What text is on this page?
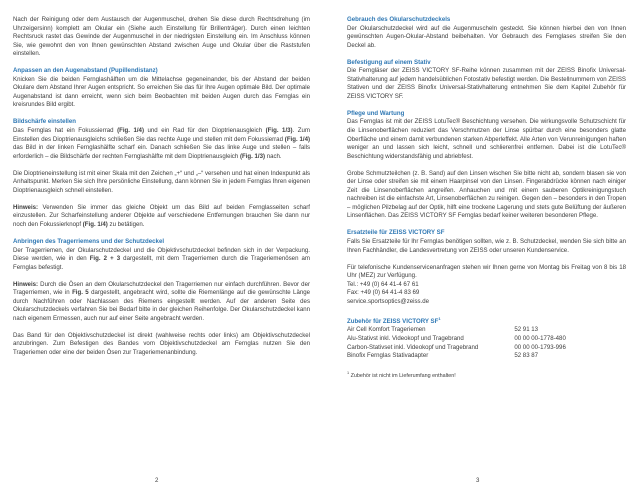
Nach der Reinigung oder dem Austausch der Augenmuschel, drehen Sie diese durch Rechtsdrehung (im Uhrzeigersinn) komplett am Okular ein (Siehe auch Einstellung für Brillenträger). Durch einen leichten Rechtsruck rastet das Gewinde der Augenmuschel in der niedrigsten Einstellung ein. Im Anschluss können Sie, wie gewohnt den von Ihnen gewünschten Abstand zwischen Auge und Okular über die Raststufen einstellen.

Anpassen an den Augenabstand (Pupillendistanz)

Knicken Sie die beiden Fernglashälften um die Mittelachse gegeneinander, bis der Abstand der beiden Okulare dem Abstand Ihrer Augen entspricht. So erreichen Sie das für Ihre Augen optimale Bild. Der optimale Augenabstand ist dann erreicht, wenn sich beim Beobachten mit beiden Augen durch das Fernglas ein kreisrundes Bild ergibt.

Bildschärfe einstellen

Das Fernglas hat ein Fokussierrad (Fig. 1/4) und ein Rad für den Dioptrienausgleich (Fig. 1/3). Zum Einstellen des Dioptrienausgleichs schließen Sie das rechte Auge und stellen mit dem Fokussierrad (Fig. 1/4) das Bild in der linken Fernglashälfte scharf ein. Danach schließen Sie das linke Auge und stellen – falls erforderlich – die Bildschärfe der rechten Fernglashälfte mit dem Dioptrienausgleich (Fig. 1/3) nach.

Die Dioptrieneinstellung ist mit einer Skala mit den Zeichen „+“ und „–“ versehen und hat einen Indexpunkt als Anhaltspunkt. Merken Sie sich Ihre persönliche Einstellung, dann können Sie in jedem Fernglas Ihren eigenen Dioptrienausgleich schnell einstellen.

Hinweis: Verwenden Sie immer das gleiche Objekt um das Bild auf beiden Fernglasseiten scharf einzustellen. Zur Scharfeinstellung anderer Objekte auf verschiedene Entfernungen brauchen Sie dann nur noch den Fokussierknopf (Fig. 1/4) zu betätigen.

Anbringen des Tragerriemens und der Schutzdeckel

Der Tragerriemen, der Okularschutzdeckel und die Objektivschutzdeckel befinden sich in der Verpackung. Diese werden, wie in den Fig. 2 + 3 dargestellt, mit dem Tragerriemen durch die Trageriemenösen am Fernglas befestigt.

Hinweis: Durch die Ösen an dem Okularschutzdeckel den Tragerriemen nur einfach durchführen. Bevor der Tragerriemen, wie in Fig. 5 dargestellt, angebracht wird, sollte die Riemenlänge auf die gewünschte Länge durch Nachführen oder Nachlassen des Riemens eingestellt werden. Auf der anderen Seite des Okularschutzdeckels verfahren Sie bei Bedarf bitte in der gleichen Reihenfolge. Der Okularschutzdeckel kann nach eigenem Ermessen, auch nur auf einer Seite angebracht werden.

Das Band für den Objektivschutzdeckel ist direkt (wahlweise rechts oder links) am Objektivschutzdeckel anzubringen. Zum Befestigen des Bandes vom Objektivschutzdeckel am Fernglas nutzen Sie den Trageriemen oder eine der beiden Ösen zur Trageriemenanbindung.

Gebrauch des Okularschutzdeckels

Der Okularschutzdeckel wird auf die Augenmuscheln gesteckt. Sie können hierbei den von Ihnen gewünschten Augen-Okular-Abstand beibehalten. Vor Gebrauch des Fernglases streifen Sie den Deckel ab.

Befestigung auf einem Stativ

Die Ferngläser der ZEISS VICTORY SF-Reihe können zusammen mit der ZEISS Binofix Universal-Stativhalterung auf jedem handelsüblichen Fotostativ befestigt werden. Die Bestellnummern von ZEISS Stativen und der ZEISS Binofix Universal-Stativhalterung entnehmen Sie dem Kapitel Zubehör für ZEISS VICTORY SF.

Pflege und Wartung

Das Fernglas ist mit der ZEISS LotuTec® Beschichtung versehen. Die wirkungsvolle Schutzschicht für die Linsenoberflächen reduziert das Verschmutzen der Linse spürbar durch eine besonders glatte Oberfläche und einem damit verbundenen starken Abperleffekt. Alle Arten von Verunreinigungen haften weniger an und lassen sich leicht, schnell und schlierenfrei entfernen. Dabei ist die LotuTec® Beschichtung widerstandsfähig und abriebfest.

Grobe Schmutzteilchen (z. B. Sand) auf den Linsen wischen Sie bitte nicht ab, sondern blasen sie von der Linse oder streifen sie mit einem Haarpinsel von den Linsen. Fingerabdrücke können nach einiger Zeit die Linsenoberflächen angreifen. Anhauchen und mit einem sauberen Optikreinigungstuch nachreiben ist die einfachste Art, Linsenoberflächen zu reinigen. Gegen den – besonders in den Tropen – möglichen Pilzbelag auf der Optik, hilft eine trockene Lagerung und stets gute Belüftung der äußeren Linsenflächen. Das ZEISS VICTORY SF Fernglas bedarf keiner weiteren besonderen Pflege.

Ersatzteile für ZEISS VICTORY SF

Falls Sie Ersatzteile für Ihr Fernglas benötigen sollten, wie z. B. Schutzdeckel, wenden Sie sich bitte an Ihren Fachhändler, die Landesvertretung von ZEISS oder unseren Kundenservice.

Für telefonische Kundenservicenanfragen stehen wir Ihnen gerne von Montag bis Freitag von 8 bis 18 Uhr (MEZ) zur Verfügung.

Tel.: +49 (0) 64 41-4 67 61
Fax: +49 (0) 64 41-4 83 69
service.sportsoptics@zeiss.de
Zubehör für ZEISS VICTORY $SF^1$
Air Cell Komfort Trageriemen	52 91 13
Alu-Stativst inkl. Videokopf und Tragebrand	00 00 00-1778-480
Carbon-Stativset inkl. Videokopf und Tragebrand	00 00 00-1793-996
Binofix Fernglas Stativadapter	52 83 87
$^1$ Zubehör ist nicht im Lieferumfang enthalten!
2	3
